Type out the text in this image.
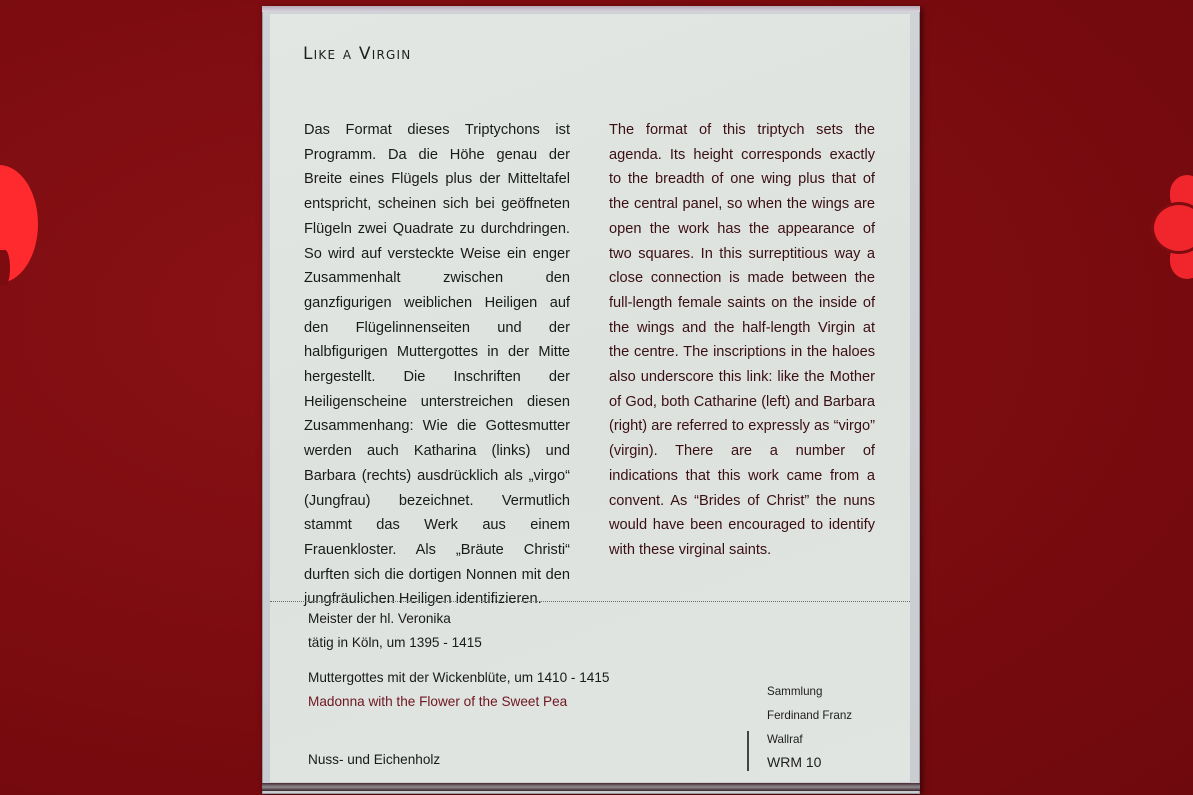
Like a Virgin
Das Format dieses Triptychons ist Programm. Da die Höhe genau der Breite eines Flügels plus der Mitteltafel entspricht, scheinen sich bei geöffneten Flügeln zwei Quadrate zu durchdringen. So wird auf versteckte Weise ein enger Zusammenhalt zwischen den ganzfigurigen weiblichen Heiligen auf den Flügelinnenseiten und der halbfigurigen Muttergottes in der Mitte hergestellt. Die Inschriften der Heiligenscheine unterstreichen diesen Zusammenhang: Wie die Gottesmutter werden auch Katharina (links) und Barbara (rechts) ausdrücklich als „virgo“ (Jungfrau) bezeichnet. Vermutlich stammt das Werk aus einem Frauenkloster. Als „Bräute Christi“ durften sich die dortigen Nonnen mit den jungfräulichen Heiligen identifizieren.
The format of this triptych sets the agenda. Its height corresponds exactly to the breadth of one wing plus that of the central panel, so when the wings are open the work has the appearance of two squares. In this surreptitious way a close connection is made between the full-length female saints on the inside of the wings and the half-length Virgin at the centre. The inscriptions in the haloes also underscore this link: like the Mother of God, both Catharine (left) and Barbara (right) are referred to expressly as “virgo” (virgin). There are a number of indications that this work came from a convent. As “Brides of Christ” the nuns would have been encouraged to identify with these virginal saints.
Meister der hl. Veronika
tätig in Köln, um 1395 - 1415
Muttergottes mit der Wickenblüte, um 1410 - 1415
Madonna with the Flower of the Sweet Pea
Nuss- und Eichenholz
Sammlung
Ferdinand Franz
Wallraf
WRM 10
